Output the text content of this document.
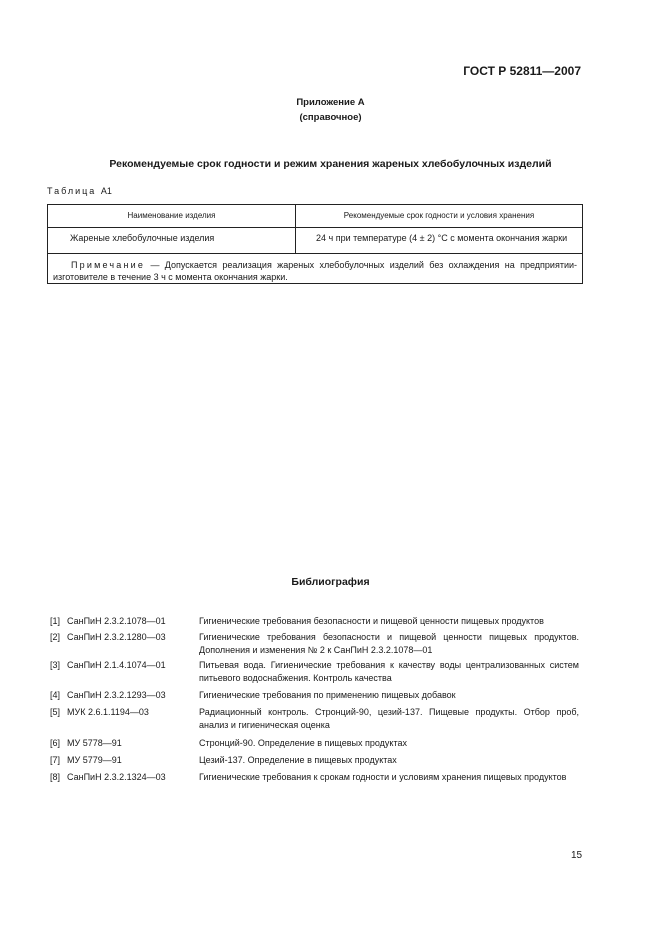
ГОСТ Р 52811—2007
Приложение А
(справочное)
Рекомендуемые срок годности и режим хранения жареных хлебобулочных изделий
Таблица А1
Наименование изделия	Рекомендуемые срок годности и условия хранения
Жареные хлебобулочные изделия	24 ч при температуре (4 ± 2) °С с момента окончания жарки
Примечание — Допускается реализация жареных хлебобулочных изделий без охлаждения на предприятии-изготовителе в течение 3 ч с момента окончания жарки.
Библиография
[1] СанПиН 2.3.2.1078—01	Гигиенические требования безопасности и пищевой ценности пищевых продуктов
[2] СанПиН 2.3.2.1280—03	Гигиенические требования безопасности и пищевой ценности пищевых продуктов. Дополнения и изменения № 2 к СанПиН 2.3.2.1078—01
[3] СанПиН 2.1.4.1074—01	Питьевая вода. Гигиенические требования к качеству воды централизованных систем питьевого водоснабжения. Контроль качества
[4] СанПиН 2.3.2.1293—03	Гигиенические требования по применению пищевых добавок
[5] МУК 2.6.1.1194—03	Радиационный контроль. Стронций-90, цезий-137. Пищевые продукты. Отбор проб, анализ и гигиеническая оценка
[6] МУ 5778—91	Стронций-90. Определение в пищевых продуктах
[7] МУ 5779—91	Цезий-137. Определение в пищевых продуктах
[8] СанПиН 2.3.2.1324—03	Гигиенические требования к срокам годности и условиям хранения пищевых продуктов
15
